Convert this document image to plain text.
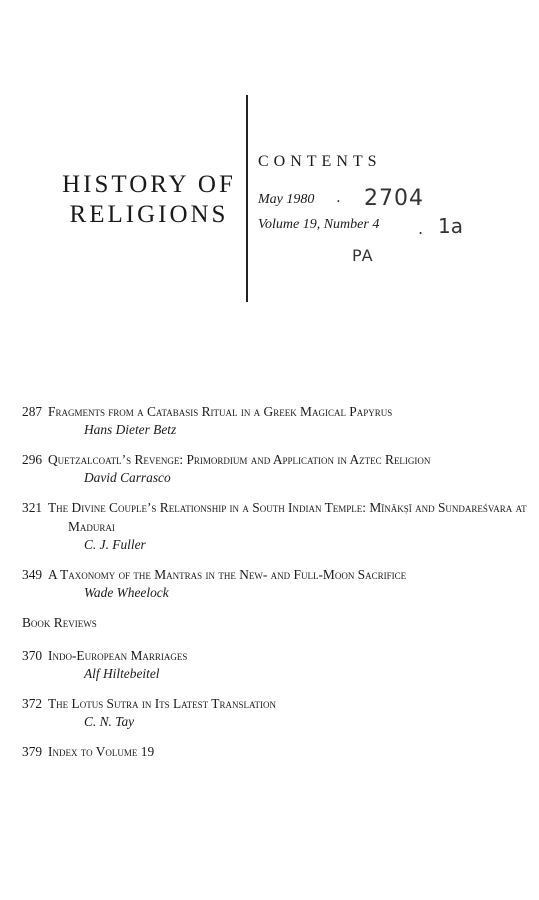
HISTORY OF
RELIGIONS
CONTENTS
May 1980
Volume 19, Number 4
. 2704
. 1a
PA
287 Fragments from a Catabasis Ritual in a Greek Magical Papyrus
Hans Dieter Betz
296 Quetzalcoatl’s Revenge: Primordium and Application in Aztec Religion
David Carrasco
321 The Divine Couple’s Relationship in a South Indian Temple: Mīnākṣī and Sundareśvara at Madurai
C. J. Fuller
349 A Taxonomy of the Mantras in the New- and Full-Moon Sacrifice
Wade Wheelock
Book Reviews
370 Indo-European Marriages
Alf Hiltebeitel
372 The Lotus Sutra in Its Latest Translation
C. N. Tay
379 Index to Volume 19
